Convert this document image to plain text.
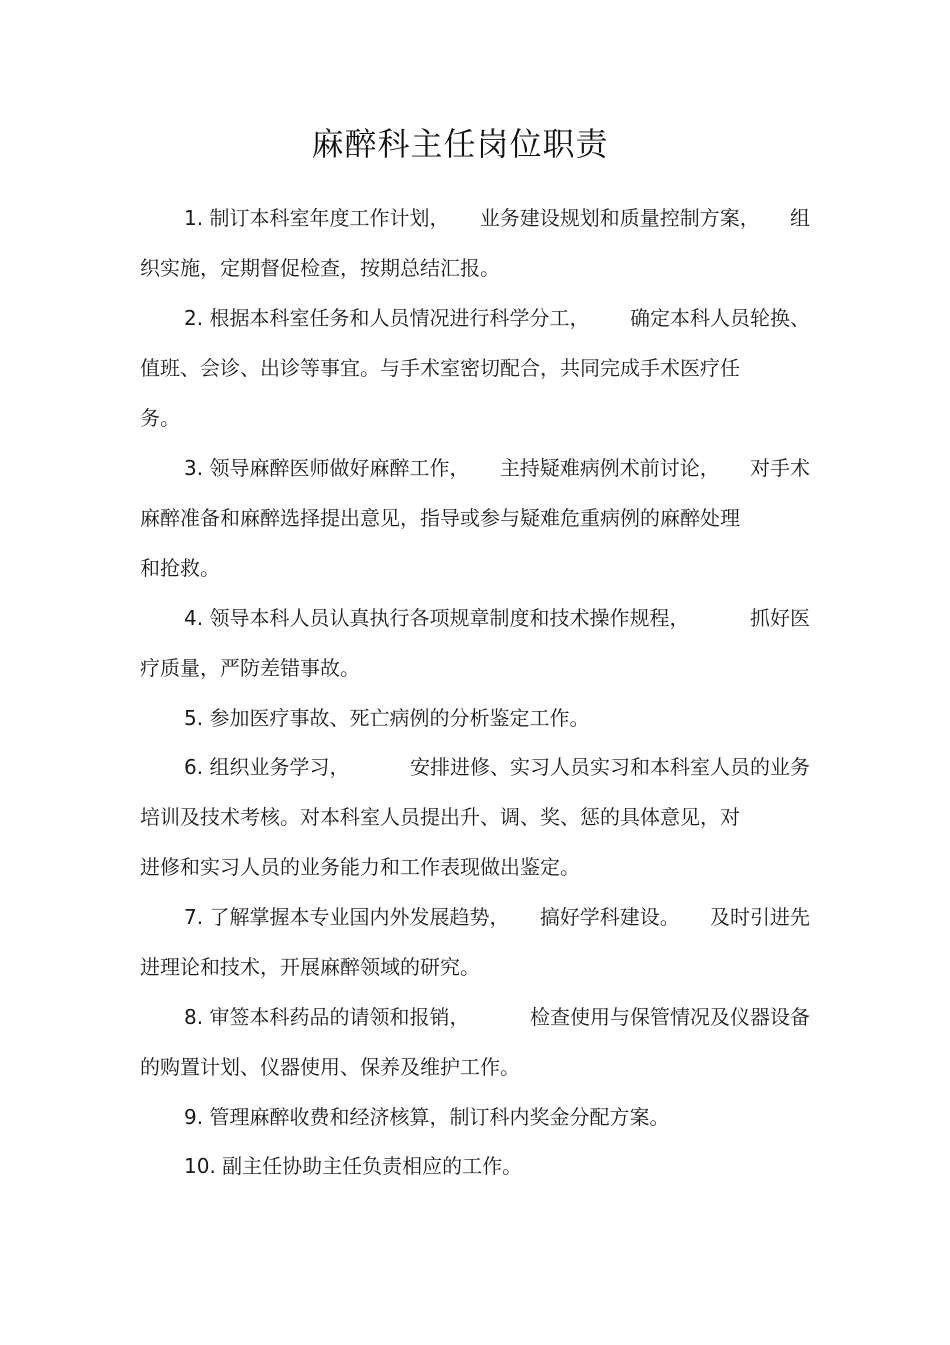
麻醉科主任岗位职责
1. 制订本科室年度工作计划， 业务建设规划和质量控制方案， 组
织实施，定期督促检查，按期总结汇报。
2. 根据本科室任务和人员情况进行科学分工， 确定本科人员轮换、
值班、会诊、出诊等事宜。与手术室密切配合，共同完成手术医疗任
务。
3. 领导麻醉医师做好麻醉工作， 主持疑难病例术前讨论， 对手术
麻醉准备和麻醉选择提出意见，指导或参与疑难危重病例的麻醉处理
和抢救。
4. 领导本科人员认真执行各项规章制度和技术操作规程，	抓好医
疗质量，严防差错事故。
5. 参加医疗事故、死亡病例的分析鉴定工作。
6. 组织业务学习，	安排进修、实习人员实习和本科室人员的业务
培训及技术考核。对本科室人员提出升、调、奖、惩的具体意见，对
进修和实习人员的业务能力和工作表现做出鉴定。
7. 了解掌握本专业国内外发展趋势， 搞好学科建设。 及时引进先
进理论和技术，开展麻醉领域的研究。
8. 审签本科药品的请领和报销，	检查使用与保管情况及仪器设备
的购置计划、仪器使用、保养及维护工作。
9. 管理麻醉收费和经济核算，制订科内奖金分配方案。
10. 副主任协助主任负责相应的工作。
